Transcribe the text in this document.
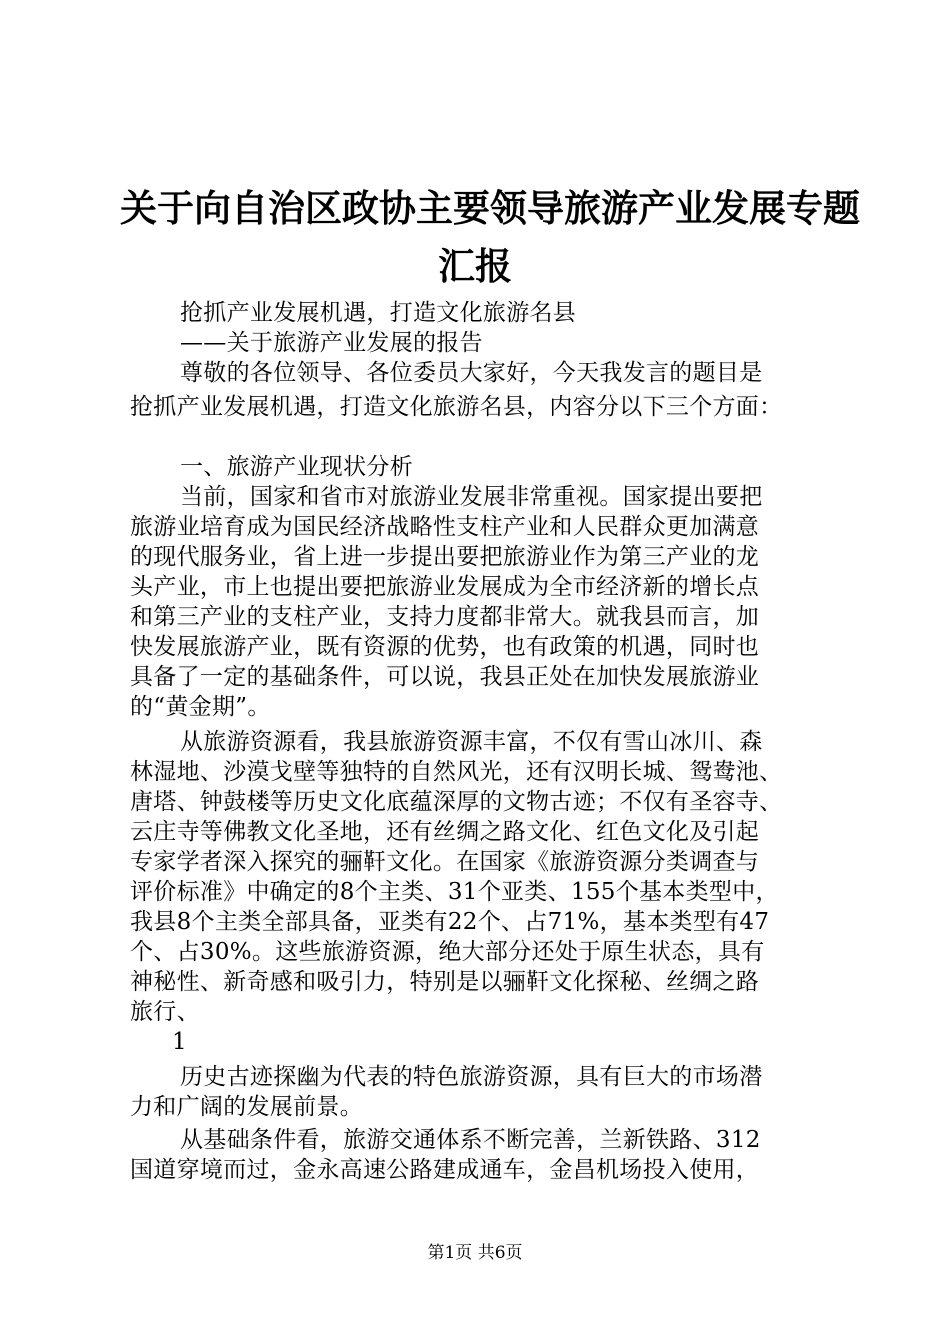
关于向自治区政协主要领导旅游产业发展专题
汇报
抢抓产业发展机遇，打造文化旅游名县
——关于旅游产业发展的报告
尊敬的各位领导、各位委员大家好，今天我发言的题目是
抢抓产业发展机遇，打造文化旅游名县，内容分以下三个方面：
一、旅游产业现状分析
当前，国家和省市对旅游业发展非常重视。国家提出要把
旅游业培育成为国民经济战略性支柱产业和人民群众更加满意
的现代服务业，省上进一步提出要把旅游业作为第三产业的龙
头产业，市上也提出要把旅游业发展成为全市经济新的增长点
和第三产业的支柱产业，支持力度都非常大。就我县而言，加
快发展旅游产业，既有资源的优势，也有政策的机遇，同时也
具备了一定的基础条件，可以说，我县正处在加快发展旅游业
的“黄金期”。
从旅游资源看，我县旅游资源丰富，不仅有雪山冰川、森
林湿地、沙漠戈壁等独特的自然风光，还有汉明长城、鸳鸯池、
唐塔、钟鼓楼等历史文化底蕴深厚的文物古迹；不仅有圣容寺、
云庄寺等佛教文化圣地，还有丝绸之路文化、红色文化及引起
专家学者深入探究的骊靬文化。在国家《旅游资源分类调查与
评价标准》中确定的8个主类、31个亚类、155个基本类型中，
我县8个主类全部具备，亚类有22个、占71%，基本类型有47
个、占30%。这些旅游资源，绝大部分还处于原生状态，具有
神秘性、新奇感和吸引力，特别是以骊靬文化探秘、丝绸之路
旅行、
1
历史古迹探幽为代表的特色旅游资源，具有巨大的市场潜
力和广阔的发展前景。
从基础条件看，旅游交通体系不断完善，兰新铁路、312
国道穿境而过，金永高速公路建成通车，金昌机场投入使用，
第1页 共6页
